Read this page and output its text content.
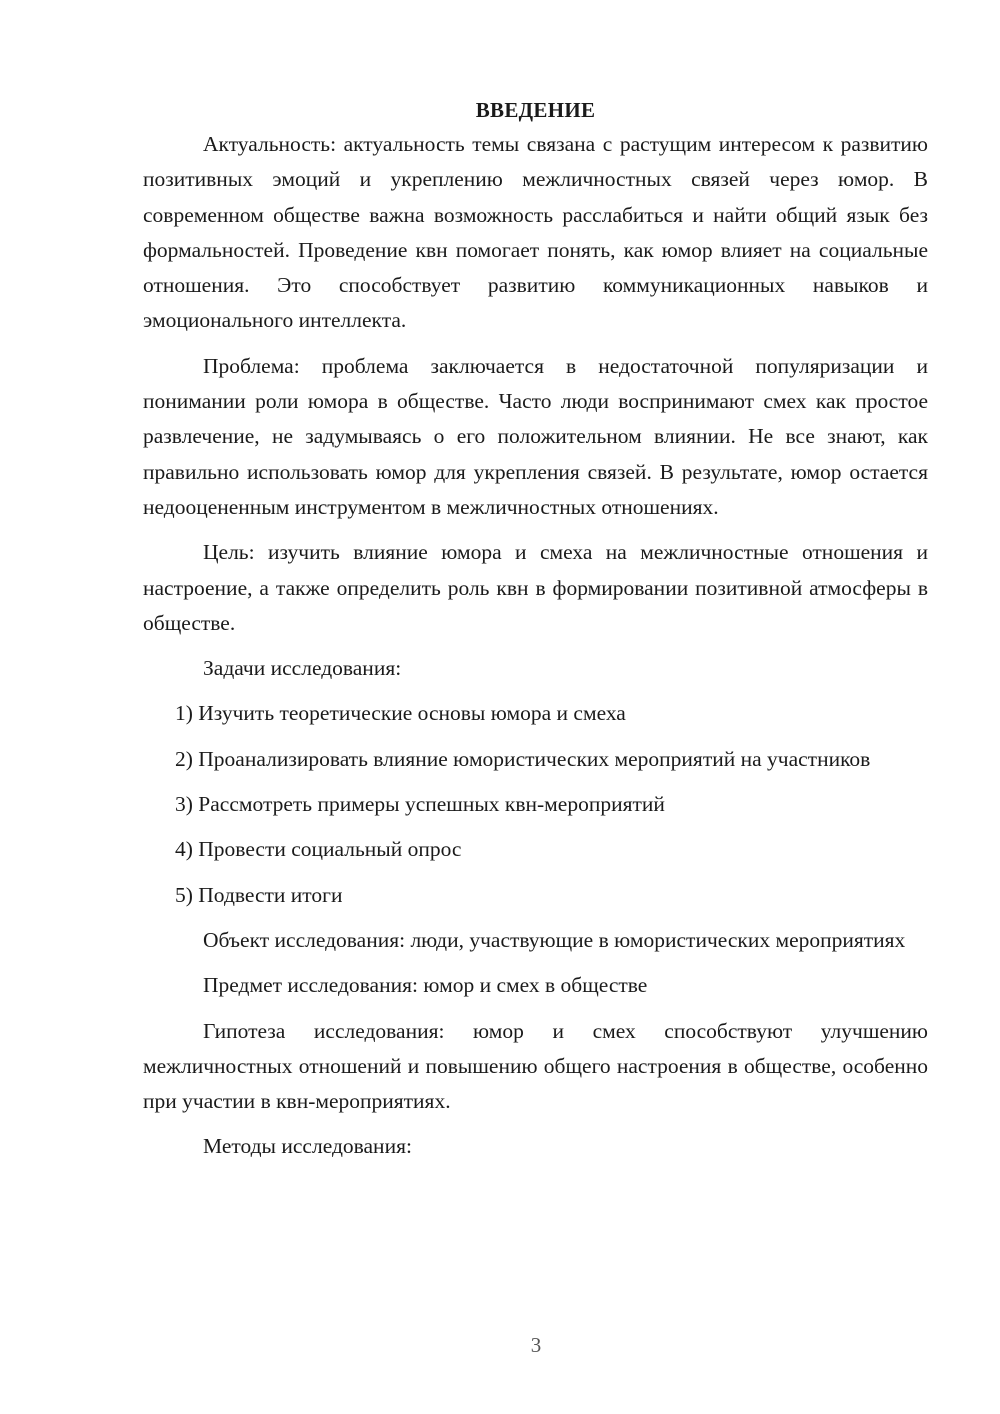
ВВЕДЕНИЕ

Актуальность: актуальность темы связана с растущим интересом к развитию позитивных эмоций и укреплению межличностных связей через юмор. В современном обществе важна возможность расслабиться и найти общий язык без формальностей. Проведение квн помогает понять, как юмор влияет на социальные отношения. Это способствует развитию коммуникационных навыков и эмоционального интеллекта.

Проблема: проблема заключается в недостаточной популяризации и понимании роли юмора в обществе. Часто люди воспринимают смех как простое развлечение, не задумываясь о его положительном влиянии. Не все знают, как правильно использовать юмор для укрепления связей. В результате, юмор остается недооцененным инструментом в межличностных отношениях.

Цель: изучить влияние юмора и смеха на межличностные отношения и настроение, а также определить роль квн в формировании позитивной атмосферы в обществе.

Задачи исследования:

1) Изучить теоретические основы юмора и смеха

2) Проанализировать влияние юмористических мероприятий на участников

3) Рассмотреть примеры успешных квн-мероприятий

4) Провести социальный опрос

5) Подвести итоги

Объект исследования: люди, участвующие в юмористических мероприятиях

Предмет исследования: юмор и смех в обществе

Гипотеза исследования: юмор и смех способствуют улучшению межличностных отношений и повышению общего настроения в обществе, особенно при участии в квн-мероприятиях.

Методы исследования:

3
